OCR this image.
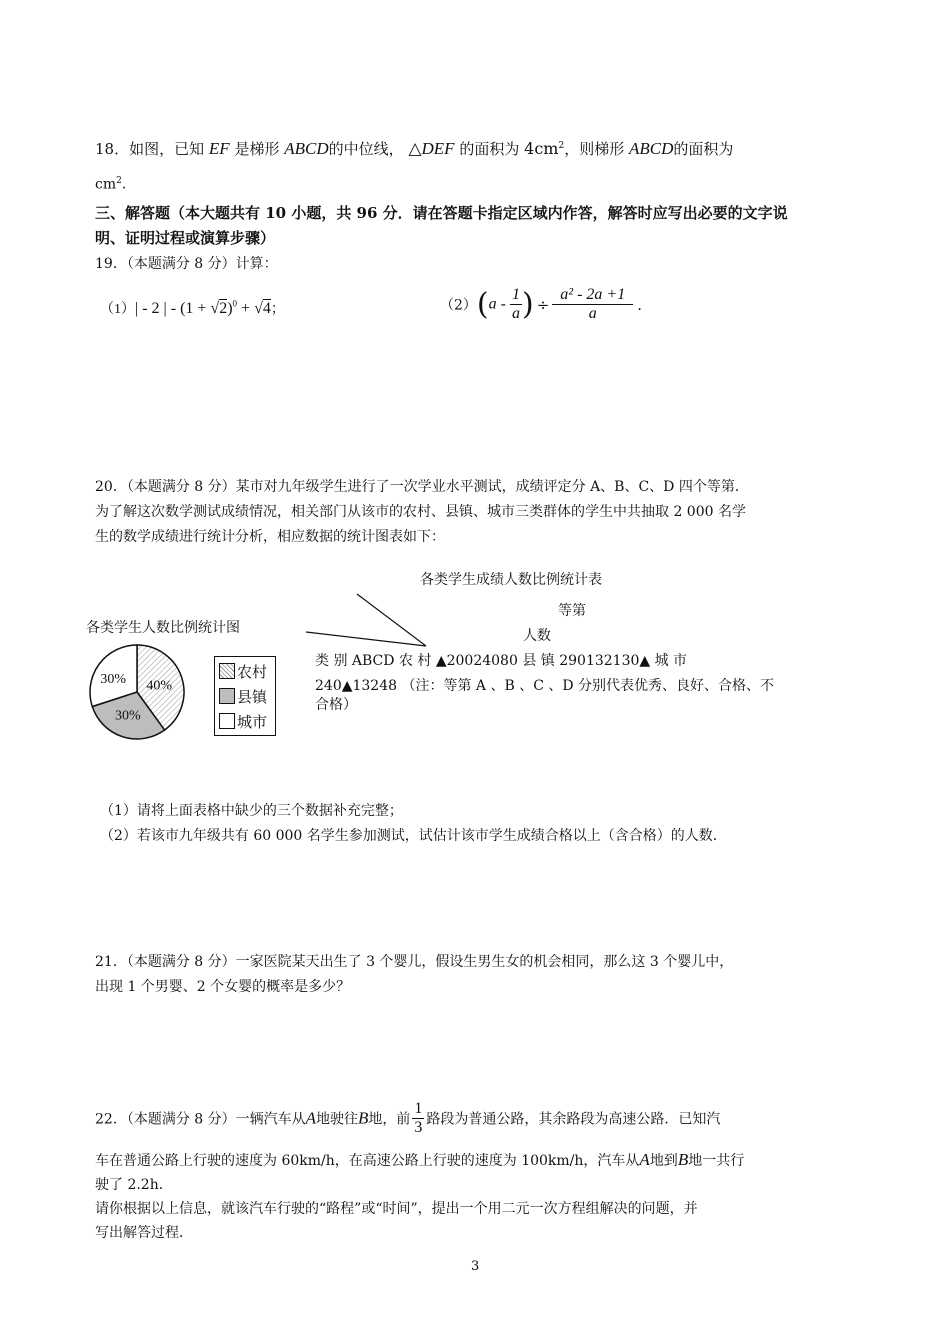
18．如图，已知 EF 是梯形 ABCD的中位线， △DEF 的面积为 $4cm^2$，则梯形 ABCD的面积为
$cm^2$.
三、解答题（本大题共有 10 小题，共 96 分．请在答题卡指定区域内作答，解答时应写出必要的文字说
明、证明过程或演算步骤）
19．（本题满分 8 分）计算：
（1）| - 2 | - $(1 + √2)^0 + √4$；	$(2)(a - \frac{1}{a}$ ) ÷ $\frac{\text{a² - 2a +1}}{a}$ .
20．（本题满分 8 分）某市对九年级学生进行了一次学业水平测试，成绩评定分 A、B、C、D 四个等第．
为了解这次数学测试成绩情况，相关部门从该市的农村、县镇、城市三类群体的学生中共抽取 2 000 名学
生的数学成绩进行统计分析，相应数据的统计图表如下：
各类学生成绩人数比例统计表
等第
人数
类 别 ABCD 农 村 ▲20024080 县 镇 290132130▲ 城 市
240▲13248 （注：等第 A 、B 、C 、D 分别代表优秀、良好、合格、不
合格）
各类学生人数比例统计图
40%
30%
30%	农村
县镇
城市
（1）请将上面表格中缺少的三个数据补充完整；
（2）若该市九年级共有 60 000 名学生参加测试，试估计该市学生成绩合格以上（含合格）的人数．
21．（本题满分 8 分）一家医院某天出生了 3 个婴儿，假设生男生女的机会相同，那么这 3 个婴儿中，
出现 1 个男婴、2 个女婴的概率是多少？
22．（本题满分 8 分）一辆汽车从A地驶往B地，前 $\frac{1}{3}$ 路段为普通公路，其余路段为高速公路．已知汽
车在普通公路上行驶的速度为 60km/h，在高速公路上行驶的速度为 100km/h，汽车从A地到B地一共行
驶了 2.2h．
请你根据以上信息，就该汽车行驶的“路程”或“时间”，提出一个用二元一次方程组解决的问题，并
写出解答过程．
3
